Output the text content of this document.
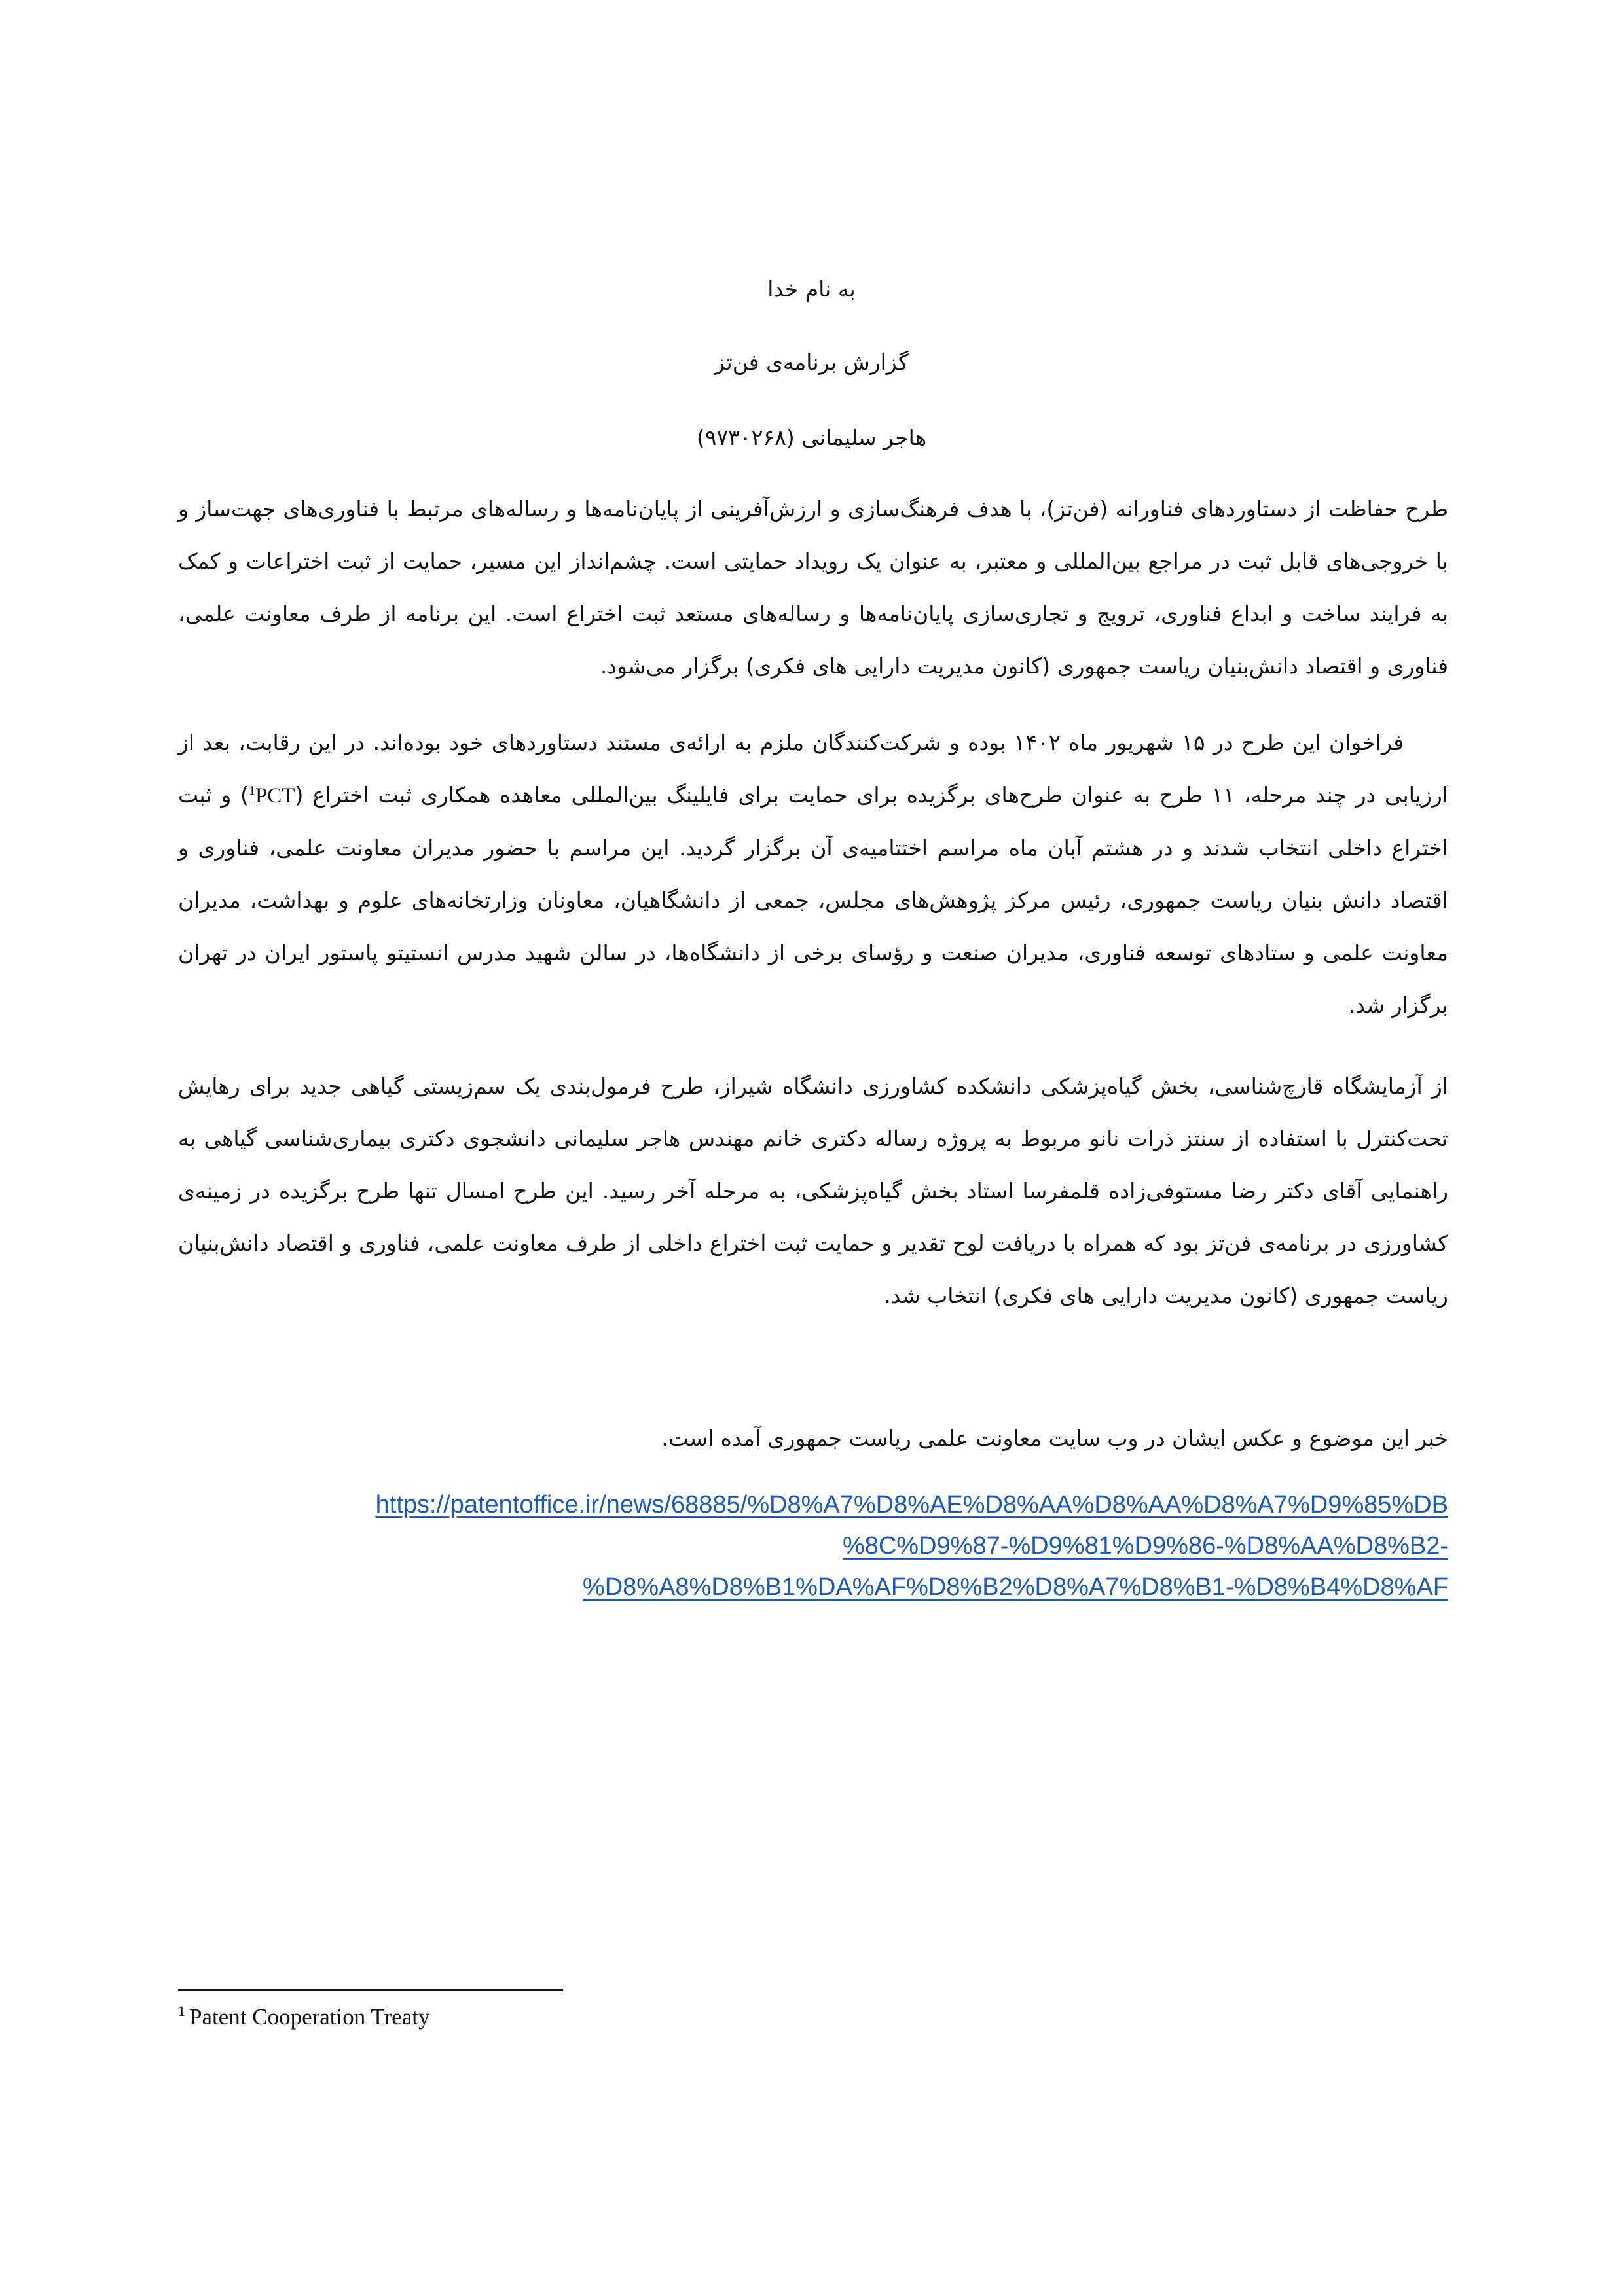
به نام خدا

گزارش برنامه‌ی فن‌تز

هاجر سلیمانی (۹۷۳۰۲۶۸)

طرح حفاظت از دستاوردهای فناورانه (فن‌تز)، با هدف فرهنگ‌سازی و ارزش‌آفرینی از پایان‌نامه‌ها و رساله‌های مرتبط با فناوری‌های جهت‌ساز و با خروجی‌های قابل ثبت در مراجع بین‌المللی و معتبر، به عنوان یک رویداد حمایتی است. چشم‌انداز این مسیر، حمایت از ثبت اختراعات و کمک به فرایند ساخت و ابداع فناوری، ترویج و تجاری‌سازی پایان‌نامه‌ها و رساله‌های مستعد ثبت اختراع است. این برنامه از طرف معاونت علمی، فناوری و اقتصاد دانش‌بنیان ریاست جمهوری (کانون مدیریت دارایی های فکری) برگزار می‌شود.

فراخوان این طرح در ۱۵ شهریور ماه ۱۴۰۲ بوده و شرکت‌کنندگان ملزم به ارائه‌ی مستند دستاوردهای خود بوده‌اند. در این رقابت، بعد از ارزیابی در چند مرحله، ۱۱ طرح به عنوان طرح‌های برگزیده برای حمایت برای فایلینگ بین‌المللی معاهده همکاری ثبت اختراع (PCT$^1$) و ثبت اختراع داخلی انتخاب شدند و در هشتم آبان ماه مراسم اختتامیه‌ی آن برگزار گردید. این مراسم با حضور مدیران معاونت علمی، فناوری و اقتصاد دانش بنیان ریاست جمهوری، رئیس مرکز پژوهش‌های مجلس، جمعی از دانشگاهیان، معاونان وزارتخانه‌های علوم و بهداشت، مدیران معاونت علمی و ستادهای توسعه فناوری، مدیران صنعت و رؤسای برخی از دانشگاه‌ها، در سالن شهید مدرس انستیتو پاستور ایران در تهران برگزار شد.

از آزمایشگاه قارچ‌شناسی، بخش گیاه‌پزشکی دانشکده کشاورزی دانشگاه شیراز، طرح فرمول‌بندی یک سم‌زیستی گیاهی جدید برای رهایش تحت‌کنترل با استفاده از سنتز ذرات نانو مربوط به پروژه رساله دکتری خانم مهندس هاجر سلیمانی دانشجوی دکتری بیماری‌شناسی گیاهی به راهنمایی آقای دکتر رضا مستوفی‌زاده قلمفرسا استاد بخش گیاه‌پزشکی، به مرحله آخر رسید. این طرح امسال تنها طرح برگزیده در زمینه‌ی کشاورزی در برنامه‌ی فن‌تز بود که همراه با دریافت لوح تقدیر و حمایت ثبت اختراع داخلی از طرف معاونت علمی، فناوری و اقتصاد دانش‌بنیان ریاست جمهوری (کانون مدیریت دارایی های فکری) انتخاب شد.

خبر این موضوع و عکس ایشان در وب سایت معاونت علمی ریاست جمهوری آمده است.

https://patentoffice.ir/news/68885/%D8%A7%D8%AE%D8%AA%D8%AA%D8%A7%D9%85%DB
%8C%D9%87-%D9%81%D9%86-%D8%AA%D8%B2-
%D8%A8%D8%B1%DA%AF%D8%B2%D8%A7%D8%B1-%D8%B4%D8%AF

$^1$ Patent Cooperation Treaty
